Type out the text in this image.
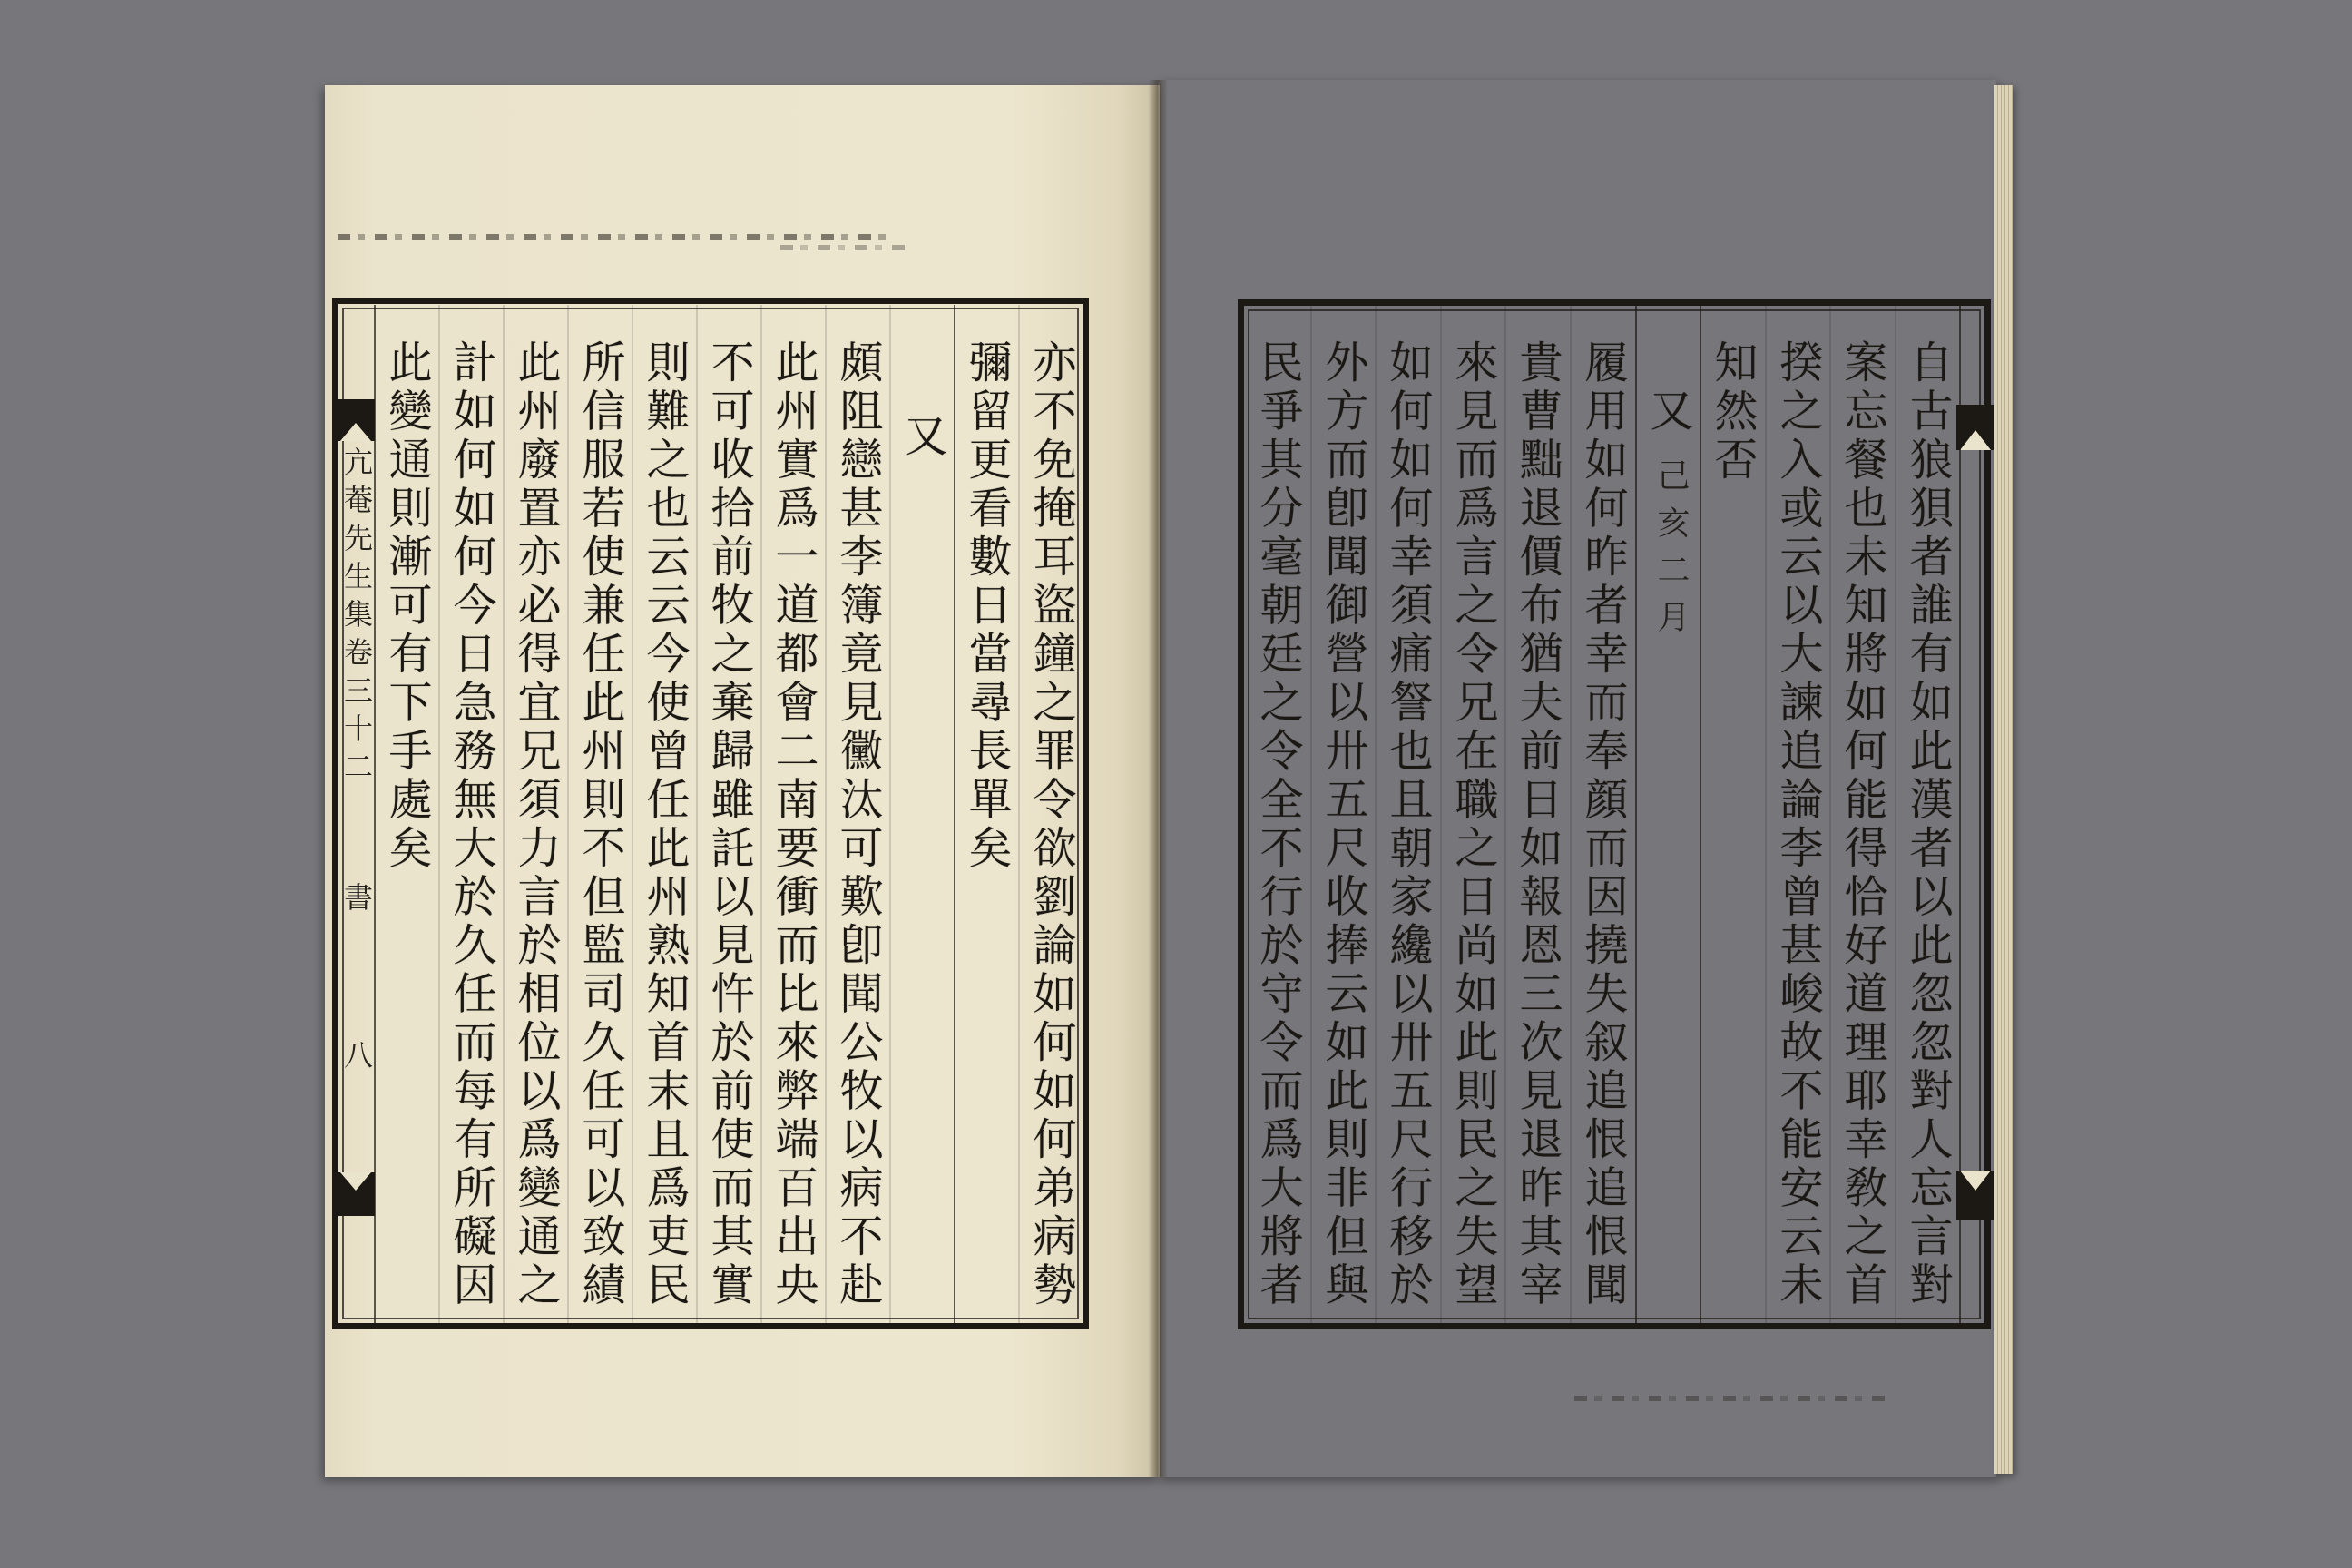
亢菴先生集卷三十二
書
八	亦不免掩耳盜鐘之罪令欲劉論如何如何弟病勢
彌留更看數日當尋長單矣
又
頗阻戀甚李簿竟見黴汰可歎卽聞公牧以病不赴
此州實爲一道都會二南要衝而比來弊端百出央
不可收拾前牧之棄歸雖託以見忤於前使而其實
則難之也云云今使曾任此州熟知首末且爲吏民
所信服若使兼任此州則不但監司久任可以致績
此州廢置亦必得宜兄須力言於相位以爲變通之
計如何如何今日急務無大於久任而每有所礙因
此變通則漸可有下手處矣	自古狼狽者誰有如此漢者以此忽忽對人忘言對
案忘餐也未知將如何能得恰好道理耶幸敎之首
揆之入或云以大諫追論李曾甚峻故不能安云未
知然否
又
己亥二月
履用如何昨者幸而奉顔而因撓失叙追恨追恨聞
貴曹黜退價布猶夫前日如報恩三次見退昨其宰
來見而爲言之令兄在職之日尚如此則民之失望
如何如何幸須痛詧也且朝家纔以卅五尺行移於
外方而卽聞御營以卅五尺收捧云如此則非但與
民爭其分毫朝廷之令全不行於守令而爲大將者
